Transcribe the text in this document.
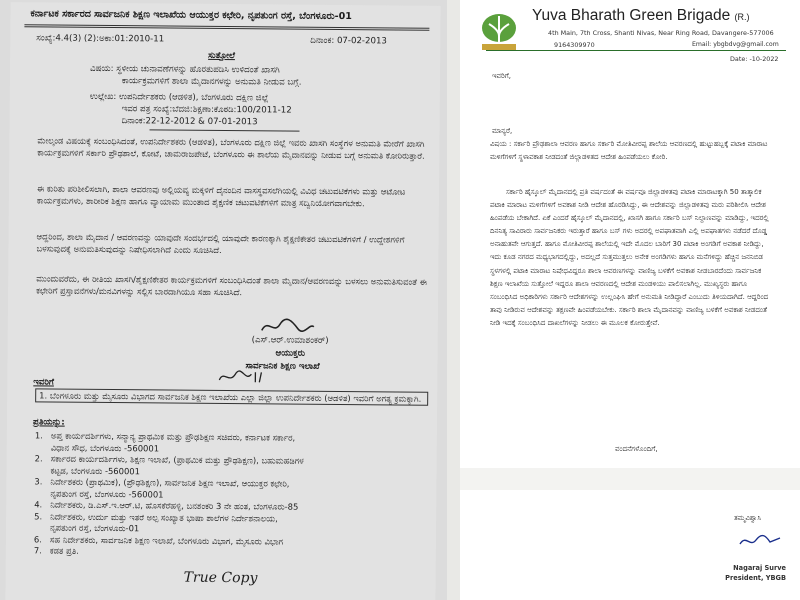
ಕರ್ನಾಟಕ ಸರ್ಕಾರದ ಸಾರ್ವಜನಿಕ ಶಿಕ್ಷಣ ಇಲಾಖೆಯ ಆಯುಕ್ತರ ಕಛೇರಿ, ನೃಪತುಂಗ ರಸ್ತೆ, ಬೆಂಗಳೂರು-01
ಸಂಖ್ಯೆ:4.4(3) (2):ಅಕಾ:01:2010-11	ದಿನಾಂಕ: 07-02-2013
ಸುತ್ತೋಲೆ
ವಿಷಯ: ಸ್ಥಳೀಯ ಚುನಾವಣೆಗಳನ್ನು ಹೊರತುಪಡಿಸಿ ಉಳಿದಂತೆ ಖಾಸಗಿ
ಕಾರ್ಯಕ್ರಮಗಳಿಗೆ ಶಾಲಾ ಮೈದಾನಗಳನ್ನು ಅನುಮತಿ ನೀಡುವ ಬಗ್ಗೆ.
ಉಲ್ಲೇಖ: ಉಪನಿರ್ದೇಶಕರು (ಆಡಳಿತ), ಬೆಂಗಳೂರು ದಕ್ಷಿಣ ಜಿಲ್ಲೆ
ಇವರ ಪತ್ರ ಸಂಖ್ಯೆ:ಬೆದಜಿ:ಶಿಕ್ಷಣಾ:ಕೊಠಡಿ:100/2011-12
ದಿನಾಂಕ:22-12-2012 & 07-01-2013
ಮೇಲ್ಕಂಡ ವಿಷಯಕ್ಕೆ ಸಂಬಂಧಿಸಿದಂತೆ, ಉಪನಿರ್ದೇಶಕರು (ಆಡಳಿತ), ಬೆಂಗಳೂರು ದಕ್ಷಿಣ ಜಿಲ್ಲೆ ಇವರು ಖಾಸಗಿ ಸಂಸ್ಥೆಗಳ ಅನುಮತಿ ಮೇರೆಗೆ ಖಾಸಗಿ ಕಾರ್ಯಕ್ರಮಗಳಿಗೆ ಸರ್ಕಾರಿ ಪ್ರೌಢಶಾಲೆ, ಕೋಟೆ, ಚಾಮರಾಜಪೇಟೆ, ಬೆಂಗಳೂರು ಈ ಶಾಲೆಯ ಮೈದಾನವನ್ನು ನೀಡುವ ಬಗ್ಗೆ ಅನುಮತಿ ಕೋರಿರುತ್ತಾರೆ.
ಈ ಕುರಿತು ಪರಿಶೀಲಿಸಲಾಗಿ, ಶಾಲಾ ಆವರಣವು ಅಲ್ಲಿಯವ್ಯ ಮಕ್ಕಳಿಗೆ ದೈನಂದಿನ ವಾಸಸ್ಥವಸಲೆಗಿಯಲ್ಲಿ ವಿವಿಧ ಚಟುವಟಿಕೆಗಳು ಮತ್ತು ಆಟೋಟ ಕಾರ್ಯಕ್ರಮಗಳು, ಶಾರೀರಿಕ ಶಿಕ್ಷಣ ಹಾಗೂ ವ್ಯಾಯಾಮ ಮುಂತಾದ ಶೈಕ್ಷಣಿಕ ಚಟುವಟಿಕೆಗಳಿಗೆ ಮಾತ್ರ ಸದ್ವಿನಿಯೋಗವಾಗಬೇಕು.
ಆದ್ದರಿಂದ, ಶಾಲಾ ಮೈದಾನ / ಆವರಣವನ್ನು ಯಾವುದೇ ಸಂದರ್ಭದಲ್ಲಿ ಯಾವುದೇ ಕಾರಣಕ್ಕಾಗಿ ಶೈಕ್ಷಣಿಕೇತರ ಚಟುವಟಿಕೆಗಳಿಗೆ / ಉದ್ದೇಶಗಳಿಗೆ ಬಳಸುವುದಕ್ಕೆ ಅನುಮತಿಸುವುದನ್ನು ನಿಷೇಧಿಸಲಾಗಿದೆ ಎಂದು ಸೂಚಿಸಿದೆ.
ಮುಂದುವರೆದು, ಈ ರೀತಿಯ ಖಾಸಗಿ/ಶೈಕ್ಷಣಿಕೇತರ ಕಾರ್ಯಕ್ರಮಗಳಿಗೆ ಸಂಬಂಧಿಸಿದಂತೆ ಶಾಲಾ ಮೈದಾನ/ಆವರಣವನ್ನು ಬಳಸಲು ಅನುಮತಿಸುವಂತೆ ಈ ಕಛೇರಿಗೆ ಪ್ರಸ್ತಾವನೆಗಳು/ಮನವಿಗಳನ್ನು ಸಲ್ಲಿಸ ಬಾರದಾಗಿಯೂ ಸಹಾ ಸೂಚಿಸಿದೆ.
(ಎಸ್.ಆರ್.ಉಮಾಶಂಕರ್)
ಆಯುಕ್ತರು
ಸಾರ್ವಜನಿಕ ಶಿಕ್ಷಣ ಇಲಾಖೆ
ಇವರಿಗೆ
1. ಬೆಂಗಳೂರು ಮತ್ತು ಮೈಸೂರು ವಿಭಾಗದ ಸಾರ್ವಜನಿಕ ಶಿಕ್ಷಣ ಇಲಾಖೆಯ ಎಲ್ಲಾ ಜಿಲ್ಲಾ ಉಪನಿರ್ದೇಶಕರು (ಆಡಳಿತ) ಇವರಿಗೆ ಅಗತ್ಯ ಕ್ರಮಕ್ಕಾಗಿ.
ಪ್ರತಿಯನ್ನು:
1. ಅಪ್ತ ಕಾರ್ಯದರ್ಶಿಗಳು, ಸನ್ಮಾನ್ಯ ಪ್ರಾಥಮಿಕ ಮತ್ತು ಪ್ರೌಢಶಿಕ್ಷಣ ಸಚಿವರು, ಕರ್ನಾಟಕ ಸರ್ಕಾರ,
ವಿಧಾನ ಸೌಧ, ಬೆಂಗಳೂರು -560001
2. ಸರ್ಕಾರದ ಕಾರ್ಯದರ್ಶಿಗಳು, ಶಿಕ್ಷಣ ಇಲಾಖೆ, (ಪ್ರಾಥಮಿಕ ಮತ್ತು ಪ್ರೌಢಶಿಕ್ಷಣ), ಬಹುಮಹಡಿಗಳ
ಕಟ್ಟಡ, ಬೆಂಗಳೂರು -560001
3. ನಿರ್ದೇಶಕರು (ಪ್ರಾಥಮಿಕ), (ಪ್ರೌಢಶಿಕ್ಷಣ), ಸಾರ್ವಜನಿಕ ಶಿಕ್ಷಣ ಇಲಾಖೆ, ಆಯುಕ್ತರ ಕಛೇರಿ,
ನೃಪತುಂಗ ರಸ್ತೆ, ಬೆಂಗಳೂರು -560001
4. ನಿರ್ದೇಶಕರು, ಡಿ.ಎಸ್.ಇ.ಆರ್.ಟಿ, ಹೊಸಕೆರೆಹಳ್ಳಿ, ಬನಶಂಕರಿ 3 ನೇ ಹಂತ, ಬೆಂಗಳೂರು-85
5. ನಿರ್ದೇಶಕರು, ಉರ್ದು ಮತ್ತು ಇತರೆ ಅಲ್ಪ ಸಂಖ್ಯಾತ ಭಾಷಾ ಶಾಲೆಗಳ ನಿರ್ದೇಶನಾಲಯ,
ನೃಪತುಂಗ ರಸ್ತೆ, ಬೆಂಗಳೂರು-01
6. ಸಹ ನಿರ್ದೇಶಕರು, ಸಾರ್ವಜನಿಕ ಶಿಕ್ಷಣ ಇಲಾಖೆ, ಬೆಂಗಳೂರು ವಿಭಾಗ, ಮೈಸೂರು ವಿಭಾಗ
7. ಕಡತ ಪ್ರತಿ.
True Copy
Yuva Bharath Green Brigade (R.)
4th Main, 7th Cross, Shanti Nivas, Near Ring Road, Davangere-577006
9164309970	Email: ybgbdvg@gmail.com
Date: -10-2022
ಇವರಿಗೆ,
ಮಾನ್ಯರೆ,
ವಿಷಯ : ಸರ್ಕಾರಿ ಪ್ರೌಢಶಾಲಾ ಆವರಣ ಹಾಗೂ ಸರ್ಕಾರಿ ಮೋತಿವೀರಪ್ಪ ಶಾಲೆಯ ಆವರಣದಲ್ಲಿ ಹುಟ್ಟುಹಬ್ಬಕ್ಕೆ ಪಟಾಕಿ ಮಾರಾಟ ಮಳಿಗೆಗಳಿಗೆ ಸ್ಥಳಾವಕಾಶ ನೀಡದಂತೆ ಜಿಲ್ಲಾಡಳಿತದ ಆದೇಶ ಹಿಂಪಡೆಯಲು ಕೋರಿ.
ಸರ್ಕಾರಿ ಹೈಸ್ಕೂಲ್ ಮೈದಾನದಲ್ಲಿ ಪ್ರತಿ ವರ್ಷದಂತೆ ಈ ವರ್ಷವೂ ಜಿಲ್ಲಾಡಳಿತವು ಪಟಾಕಿ ಮಾರಾಟಕ್ಕಾಗಿ 50 ತಾತ್ಕಾಲಿಕ ಪಟಾಕಿ ಮಾರಾಟ ಮಳಿಗೆಗಳಿಗೆ ಅವಕಾಶ ನೀಡಿ ಆದೇಶ ಹೊರಡಿಸಿದ್ದು, ಈ ಆದೇಶವನ್ನು ಜಿಲ್ಲಾಡಳಿತವು ಮರು ಪರಿಶೀಲಿಸಿ ಆದೇಶ ಹಿಂಪಡೆಯ ಬೇಕಾಗಿದೆ. ಏಕೆ ಎಂದರೆ ಹೈಸ್ಕೂಲ್ ಮೈದಾನದಲ್ಲಿ, ಖಾಸಗಿ ಹಾಗೂ ಸರ್ಕಾರಿ ಬಸ್ ನಿಲ್ದಾಣವನ್ನು ಮಾಡಿದ್ದು, ಇದರಲ್ಲಿ ದಿನನಿತ್ಯ ಸಾವಿರಾರು ಸಾರ್ವಜನಿಕರು ಇರುತ್ತಾರೆ ಹಾಗೂ ಬಸ್ ಗಳು ಅದರಲ್ಲಿ ಅಪಘಾತವಾಗಿ ಎಲ್ಲಿ ಅಪಘಾತಗಳು ನಡೆದರೆ ದೊಡ್ಡ ಅನಾಹುತವೇ ಆಗುತ್ತದೆ. ಹಾಗೂ ಮೋತಿವೀರಪ್ಪ ಶಾಲೆಯಲ್ಲಿ ಇದೇ ಮೊದಲ ಬಾರಿಗೆ 30 ಪಟಾಕಿ ಅಂಗಡಿಗೆ ಅವಕಾಶ ನೀಡಿದ್ದು, ಇದು ಕೂಡ ನಗರದ ಮಧ್ಯಭಾಗದಲ್ಲಿದ್ದು, ಅದಲ್ಲದೆ ಸುತ್ತಮುತ್ತಲು ಅನೇಕ ಅಂಗಡಿಗಳು ಹಾಗೂ ಮನೆಗಳಿದ್ದು ಹೆಚ್ಚಿನ ಜನನಿಬಿಡ ಸ್ಥಳಗಳಲ್ಲಿ ಪಟಾಕಿ ಮಾರಾಟ ನಿಷೇಧವಿದ್ದರೂ ಶಾಲಾ ಆವರಣಗಳನ್ನು ವಾಣಿಜ್ಯ ಬಳಕೆಗೆ ಅವಕಾಶ ನೀಡಬಾರದೆಂದು ಸಾರ್ವಜನಿಕ ಶಿಕ್ಷಣ ಇಲಾಖೆಯ ಸುತ್ತೋಲೆ ಇದ್ದರೂ ಶಾಲಾ ಆವರಣದಲ್ಲಿ ಆದೇಶ ಮಂಡಳಿಯು ಪಾಲಿಸಲಾಗಿಲ್ಲ. ಮುಖ್ಯಸ್ಥರು ಹಾಗೂ ಸಂಬಂಧಿಸಿದ ಅಧಿಕಾರಿಗಳು ಸರ್ಕಾರಿ ಆದೇಶಗಳನ್ನು ಉಲ್ಲಂಘಿಸಿ ಹೇಗೆ ಅನುಮತಿ ನೀಡಿದ್ದಾರೆ ಎಂಬುದು ತಿಳಿಯದಾಗಿದೆ. ಆದ್ದರಿಂದ ತಾವು ನೀಡಿರುವ ಆದೇಶವನ್ನು ತಕ್ಷಣವೇ ಹಿಂಪಡೆಯಬೇಕು. ಸರ್ಕಾರಿ ಶಾಲಾ ಮೈದಾನವನ್ನು ವಾಣಿಜ್ಯ ಬಳಕೆಗೆ ಅವಕಾಶ ನೀಡದಂತೆ ನೀಡಿ ಇದಕ್ಕೆ ಸಂಬಂಧಿಸಿದ ದಾಖಲೆಗಳನ್ನು ನೀಡಲು ಈ ಮೂಲಕ ಕೋರುತ್ತೇವೆ.
ವಂದನೆಗಳೊಂದಿಗೆ,
ತಮ್ಮವಿಶ್ವಾಸಿ
Nagaraj Surve
President, YBGB
